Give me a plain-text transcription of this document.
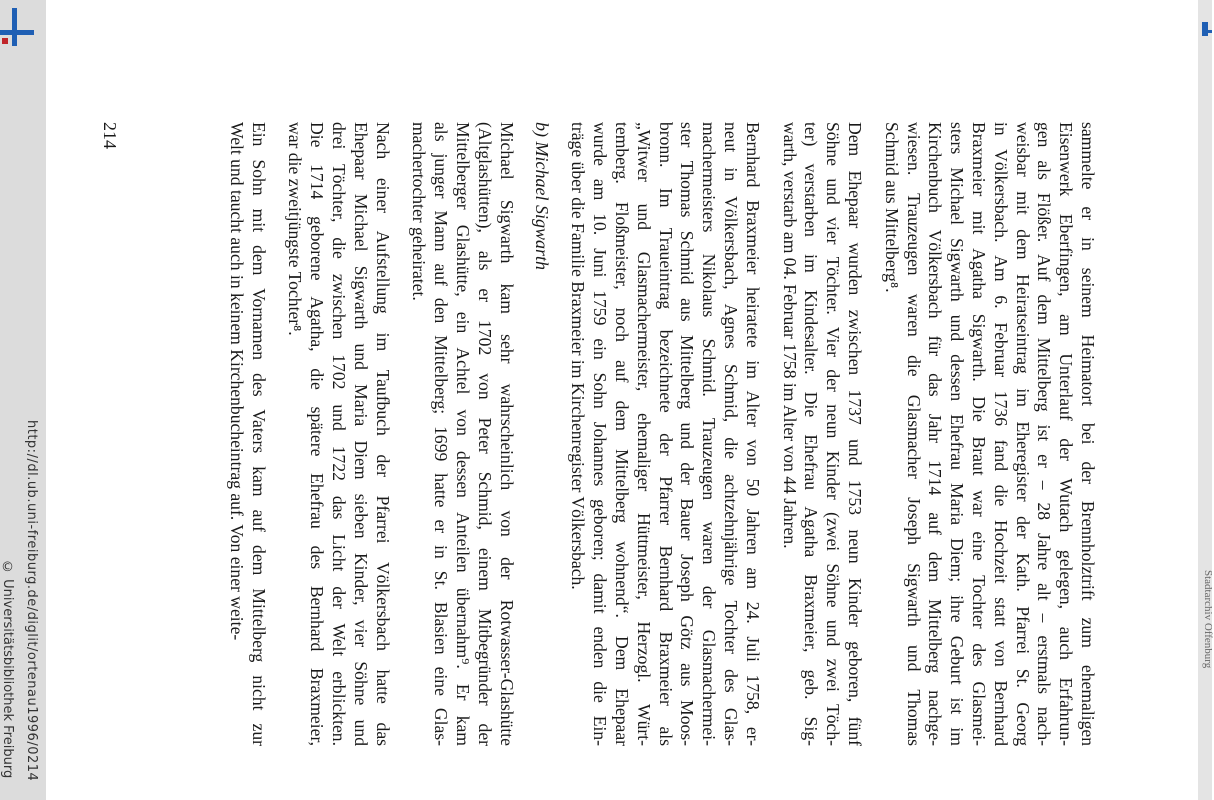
http://dl.ub.uni-freiburg.de/diglit/ortenau1996/0214
© Universitätsbibliothek Freiburg	Stadtarchiv Offenburg
sammelte er in seinem Heimatort bei der Brennholztrift zum ehemaligen
Eisenwerk Eberfingen, am Unterlauf der Wutach gelegen, auch Erfahrun-
gen als Flößer. Auf dem Mittelberg ist er – 28 Jahre alt – erstmals nach-
weisbar mit dem Heiratseintrag im Eheregister der Kath. Pfarrei St. Georg
in Völkersbach. Am 6. Februar 1736 fand die Hochzeit statt von Bernhard
Braxmeier mit Agatha Sigwarth. Die Braut war eine Tochter des Glasmei-
sters Michael Sigwarth und dessen Ehefrau Maria Diem; ihre Geburt ist im
Kirchenbuch Völkersbach für das Jahr 1714 auf dem Mittelberg nachge-
wiesen. Trauzeugen waren die Glasmacher Joseph Sigwarth und Thomas
Schmid aus Mittelberg⁸.
Dem Ehepaar wurden zwischen 1737 und 1753 neun Kinder geboren, fünf
Söhne und vier Töchter. Vier der neun Kinder (zwei Söhne und zwei Töch-
ter) verstarben im Kindesalter. Die Ehefrau Agatha Braxmeier, geb. Sig-
warth, verstarb am 04. Februar 1758 im Alter von 44 Jahren.
Bernhard Braxmeier heiratete im Alter von 50 Jahren am 24. Juli 1758, er-
neut in Völkersbach, Agnes Schmid, die achtzehnjährige Tochter des Glas-
machermeisters Nikolaus Schmid. Trauzeugen waren der Glasmachermei-
ster Thomas Schmid aus Mittelberg und der Bauer Joseph Götz aus Moos-
bronn. Im Traueintrag bezeichnete der Pfarrer Bernhard Braxmeier als
„Witwer und Glasmachermeister, ehemaliger Hüttmeister, Herzogl. Würt-
temberg. Floßmeister, noch auf dem Mittelberg wohnend“. Dem Ehepaar
wurde am 10. Juni 1759 ein Sohn Johannes geboren; damit enden die Ein-
träge über die Familie Braxmeier im Kirchenregister Völkersbach.
b) Michael Sigwarth
Michael Sigwarth kam sehr wahrscheinlich von der Rotwasser-Glashütte
(Altglashütten), als er 1702 von Peter Schmid, einem Mitbegründer der
Mittelberger Glashütte, ein Achtel von dessen Anteilen übernahm⁹. Er kam
als junger Mann auf den Mittelberg; 1699 hatte er in St. Blasien eine Glas-
machertochter geheiratet.
Nach einer Aufstellung im Taufbuch der Pfarrei Völkersbach hatte das
Ehepaar Michael Sigwarth und Maria Diem sieben Kinder, vier Söhne und
drei Töchter, die zwischen 1702 und 1722 das Licht der Welt erblickten.
Die 1714 geborene Agatha, die spätere Ehefrau des Bernhard Braxmeier,
war die zweitjüngste Tochter⁸.
Ein Sohn mit dem Vornamen des Vaters kam auf dem Mittelberg nicht zur
Welt und taucht auch in keinem Kirchenbucheintrag auf. Von einer weite-
214
